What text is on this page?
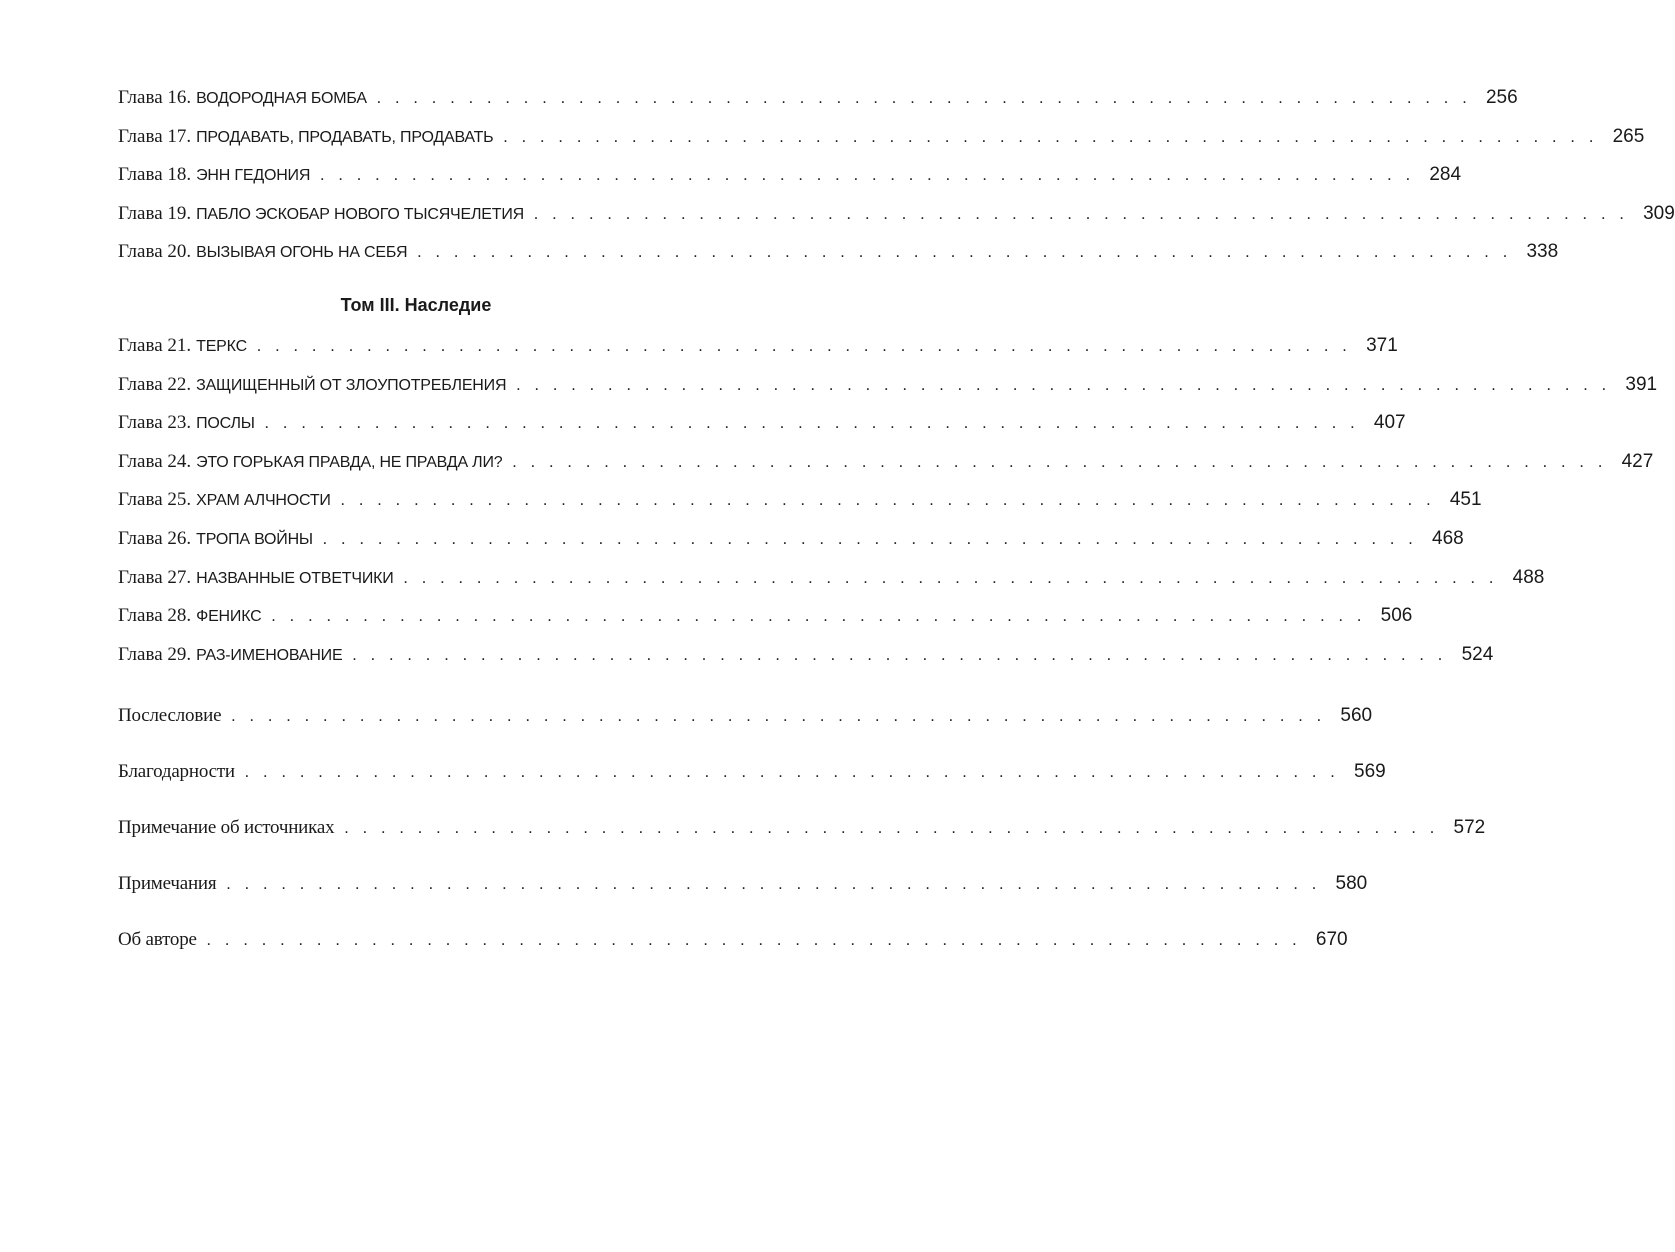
Глава 16. ВОДОРОДНАЯ БОМБА . . . . . . . . . . . . . . . . . . . . . . . . . . . . . . . . . . . . . . . . . . . . . . . . . . . . . . . . . . . . 256
Глава 17. ПРОДАВАТЬ, ПРОДАВАТЬ, ПРОДАВАТЬ . . . . . . . . . . . . . . . . . . . . . . . . . . . . . . . . . . . . . . . . . . . . . . . . . . . . . . . . . . . . 265
Глава 18. ЭНН ГЕДОНИЯ . . . . . . . . . . . . . . . . . . . . . . . . . . . . . . . . . . . . . . . . . . . . . . . . . . . . . . . . . . . . 284
Глава 19. ПАБЛО ЭСКОБАР НОВОГО ТЫСЯЧЕЛЕТИЯ . . . . . . . . . . . . . . . . . . . . . . . . . . . . . . . . . . . . . . . . . . . . . . . . . . . . . . . . . . . . 309
Глава 20. ВЫЗЫВАЯ ОГОНЬ НА СЕБЯ . . . . . . . . . . . . . . . . . . . . . . . . . . . . . . . . . . . . . . . . . . . . . . . . . . . . . . . . . . . . 338
Том III. Наследие
Глава 21. ТЕРКС . . . . . . . . . . . . . . . . . . . . . . . . . . . . . . . . . . . . . . . . . . . . . . . . . . . . . . . . . . . . 371
Глава 22. ЗАЩИЩЕННЫЙ ОТ ЗЛОУПОТРЕБЛЕНИЯ . . . . . . . . . . . . . . . . . . . . . . . . . . . . . . . . . . . . . . . . . . . . . . . . . . . . . . . . . . . . 391
Глава 23. ПОСЛЫ . . . . . . . . . . . . . . . . . . . . . . . . . . . . . . . . . . . . . . . . . . . . . . . . . . . . . . . . . . . . 407
Глава 24. ЭТО ГОРЬКАЯ ПРАВДА, НЕ ПРАВДА ЛИ? . . . . . . . . . . . . . . . . . . . . . . . . . . . . . . . . . . . . . . . . . . . . . . . . . . . . . . . . . . . . 427
Глава 25. ХРАМ АЛЧНОСТИ . . . . . . . . . . . . . . . . . . . . . . . . . . . . . . . . . . . . . . . . . . . . . . . . . . . . . . . . . . . . 451
Глава 26. ТРОПА ВОЙНЫ . . . . . . . . . . . . . . . . . . . . . . . . . . . . . . . . . . . . . . . . . . . . . . . . . . . . . . . . . . . . 468
Глава 27. НАЗВАННЫЕ ОТВЕТЧИКИ . . . . . . . . . . . . . . . . . . . . . . . . . . . . . . . . . . . . . . . . . . . . . . . . . . . . . . . . . . . . 488
Глава 28. ФЕНИКС . . . . . . . . . . . . . . . . . . . . . . . . . . . . . . . . . . . . . . . . . . . . . . . . . . . . . . . . . . . . 506
Глава 29. РАЗ-ИМЕНОВАНИЕ . . . . . . . . . . . . . . . . . . . . . . . . . . . . . . . . . . . . . . . . . . . . . . . . . . . . . . . . . . . . 524
Послесловие . . . . . . . . . . . . . . . . . . . . . . . . . . . . . . . . . . . . . . . . . . . . . . . . . . . . . . . . . . . . 560
Благодарности . . . . . . . . . . . . . . . . . . . . . . . . . . . . . . . . . . . . . . . . . . . . . . . . . . . . . . . . . . . . 569
Примечание об источниках . . . . . . . . . . . . . . . . . . . . . . . . . . . . . . . . . . . . . . . . . . . . . . . . . . . . . . . . . . . . 572
Примечания . . . . . . . . . . . . . . . . . . . . . . . . . . . . . . . . . . . . . . . . . . . . . . . . . . . . . . . . . . . . 580
Об авторе . . . . . . . . . . . . . . . . . . . . . . . . . . . . . . . . . . . . . . . . . . . . . . . . . . . . . . . . . . . . 670
